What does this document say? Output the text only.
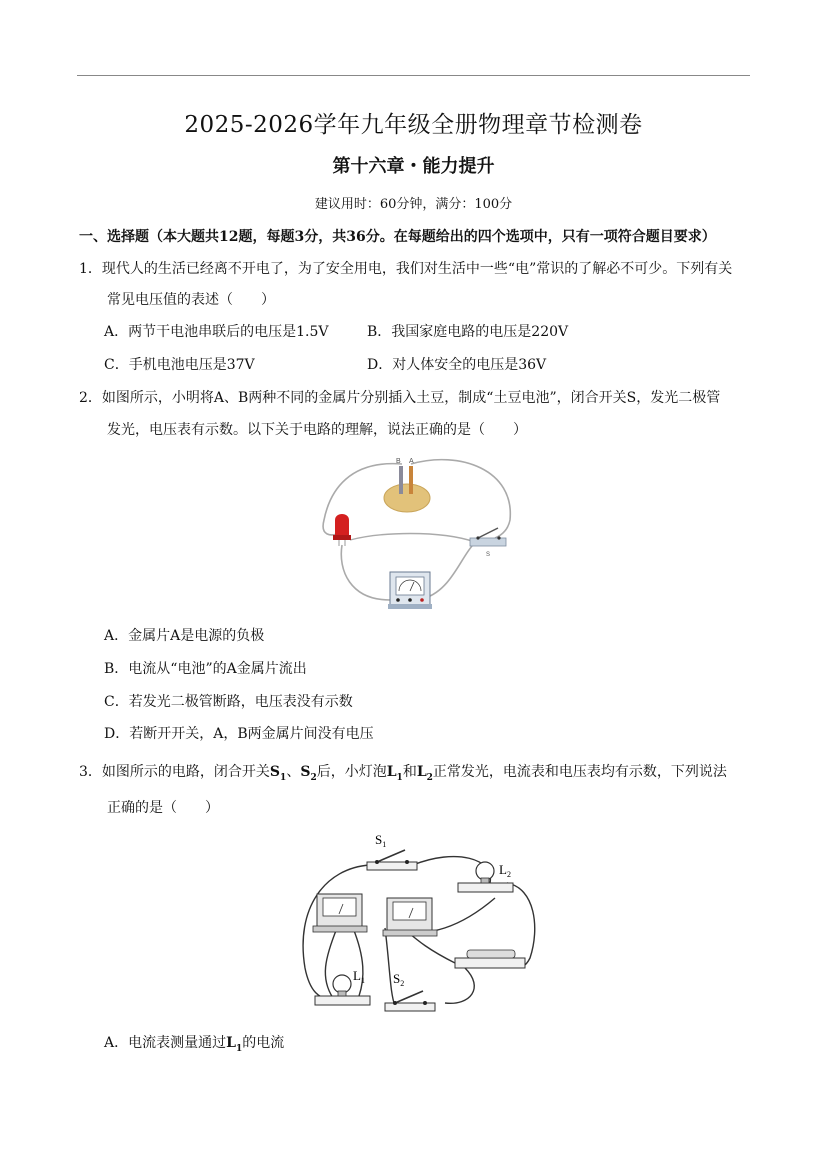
2025-2026学年九年级全册物理章节检测卷
第十六章・能力提升
建议用时：60分钟，满分：100分
一、选择题（本大题共12题，每题3分，共36分。在每题给出的四个选项中，只有一项符合题目要求）
1．现代人的生活已经离不开电了，为了安全用电，我们对生活中一些“电”常识的了解必不可少。下列有关
常见电压值的表述（　　）
A．两节干电池串联后的电压是1.5V	B．我国家庭电路的电压是220V
C．手机电池电压是37V	D．对人体安全的电压是36V
2．如图所示，小明将A、B两种不同的金属片分别插入土豆，制成“土豆电池”，闭合开关S，发光二极管
发光，电压表有示数。以下关于电路的理解，说法正确的是（　　）
B A
S
A．金属片A是电源的负极
B．电流从“电池”的A金属片流出
C．若发光二极管断路，电压表没有示数
D．若断开开关，A，B两金属片间没有电压
3．如图所示的电路，闭合开关$S_1$、$S_2$后，小灯泡$L_1$和$L_2$正常发光，电流表和电压表均有示数，下列说法
正确的是（　　）
$S_1$
$L_2$
$L_1$ $S_2$
A．电流表测量通过$L_1$的电流
